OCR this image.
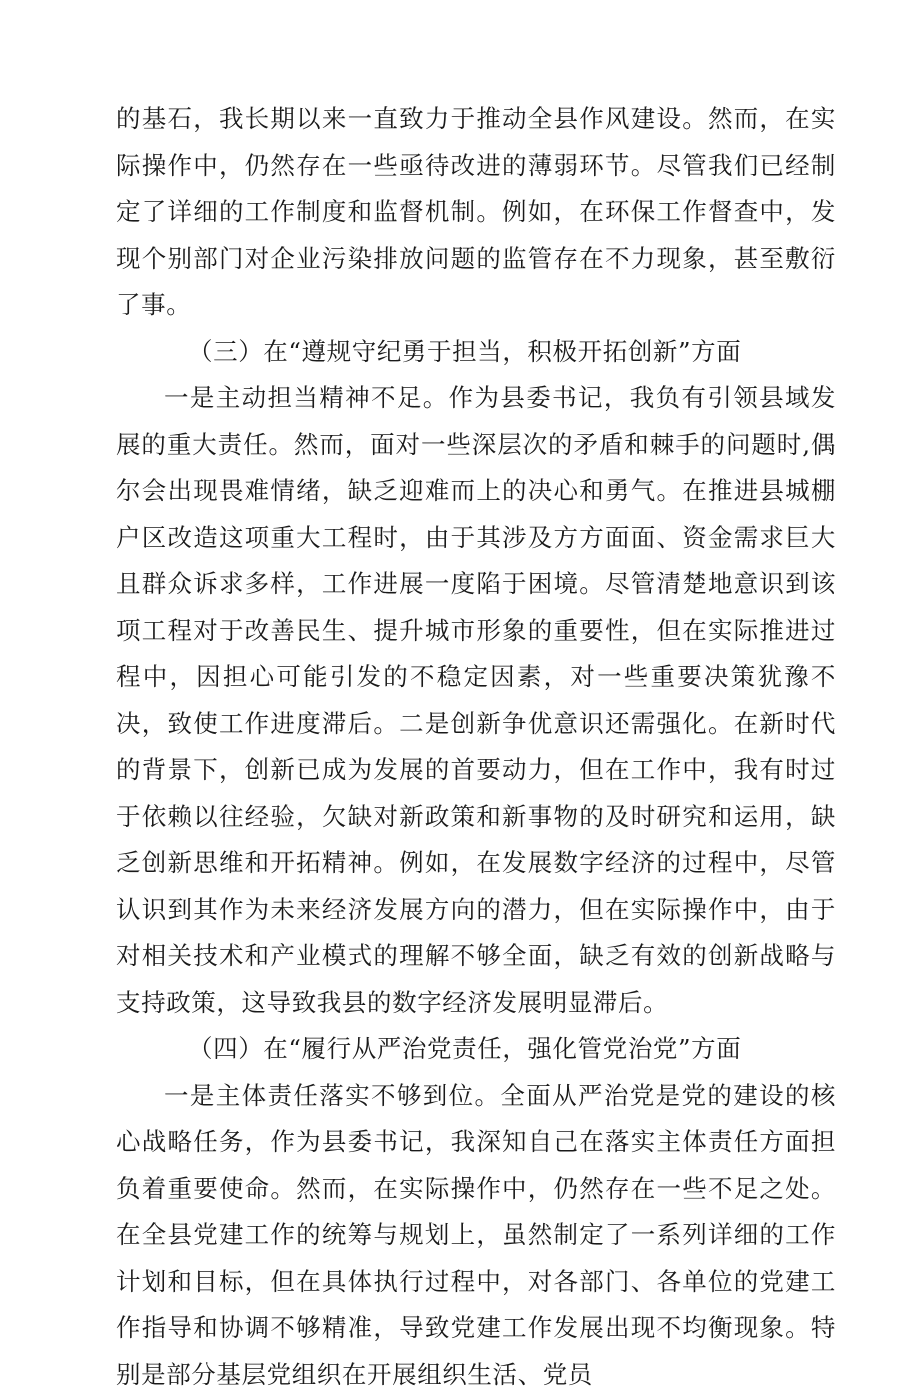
的基石，我长期以来一直致力于推动全县作风建设。然而，在实际操作中，仍然存在一些亟待改进的薄弱环节。尽管我们已经制定了详细的工作制度和监督机制。例如，在环保工作督查中，发现个别部门对企业污染排放问题的监管存在不力现象，甚至敷衍了事。

（三）在“遵规守纪勇于担当，积极开拓创新”方面

一是主动担当精神不足。作为县委书记，我负有引领县域发展的重大责任。然而，面对一些深层次的矛盾和棘手的问题时,偶尔会出现畏难情绪，缺乏迎难而上的决心和勇气。在推进县城棚户区改造这项重大工程时，由于其涉及方方面面、资金需求巨大且群众诉求多样，工作进展一度陷于困境。尽管清楚地意识到该项工程对于改善民生、提升城市形象的重要性，但在实际推进过程中，因担心可能引发的不稳定因素，对一些重要决策犹豫不决，致使工作进度滞后。二是创新争优意识还需强化。在新时代的背景下，创新已成为发展的首要动力，但在工作中，我有时过于依赖以往经验，欠缺对新政策和新事物的及时研究和运用，缺乏创新思维和开拓精神。例如，在发展数字经济的过程中，尽管认识到其作为未来经济发展方向的潜力，但在实际操作中，由于对相关技术和产业模式的理解不够全面，缺乏有效的创新战略与支持政策，这导致我县的数字经济发展明显滞后。

（四）在“履行从严治党责任，强化管党治党”方面

一是主体责任落实不够到位。全面从严治党是党的建设的核心战略任务，作为县委书记，我深知自己在落实主体责任方面担负着重要使命。然而，在实际操作中，仍然存在一些不足之处。在全县党建工作的统筹与规划上，虽然制定了一系列详细的工作计划和目标，但在具体执行过程中，对各部门、各单位的党建工作指导和协调不够精准，导致党建工作发展出现不均衡现象。特别是部分基层党组织在开展组织生活、党员
